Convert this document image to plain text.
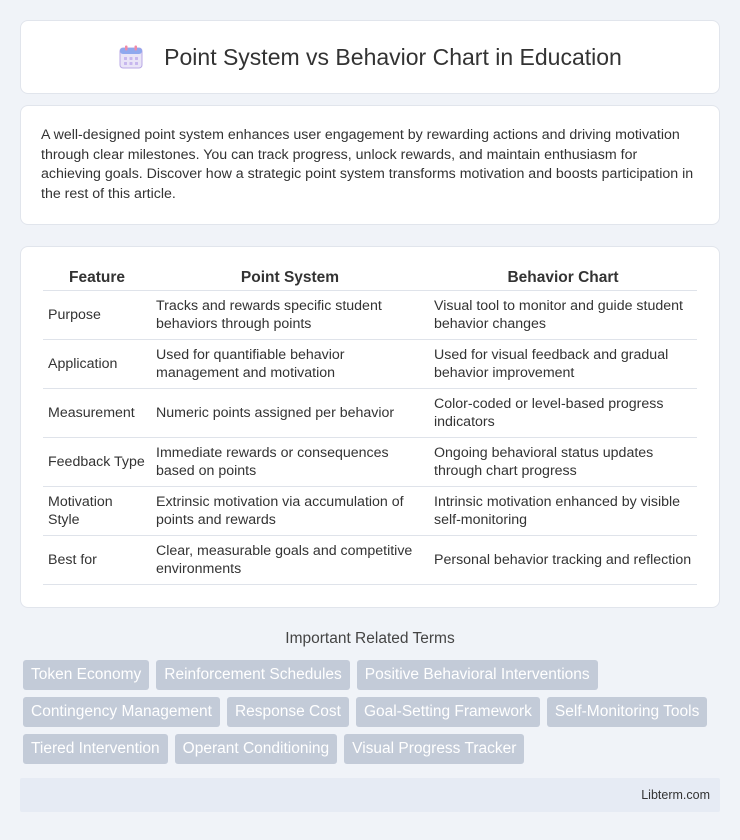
Point System vs Behavior Chart in Education

A well-designed point system enhances user engagement by rewarding actions and driving motivation through clear milestones. You can track progress, unlock rewards, and maintain enthusiasm for achieving goals. Discover how a strategic point system transforms motivation and boosts participation in the rest of this article.

Feature	Point System	Behavior Chart
Purpose	Tracks and rewards specific student behaviors through points	Visual tool to monitor and guide student behavior changes
Application	Used for quantifiable behavior management and motivation	Used for visual feedback and gradual behavior improvement
Measurement	Numeric points assigned per behavior	Color-coded or level-based progress indicators
Feedback Type	Immediate rewards or consequences based on points	Ongoing behavioral status updates through chart progress
Motivation Style	Extrinsic motivation via accumulation of points and rewards	Intrinsic motivation enhanced by visible self-monitoring
Best for	Clear, measurable goals and competitive environments	Personal behavior tracking and reflection
Important Related Terms
Token Economy	Reinforcement Schedules	Positive Behavioral Interventions
Contingency Management	Response Cost	Goal-Setting Framework	Self-Monitoring Tools
Tiered Intervention	Operant Conditioning	Visual Progress Tracker
Libterm.com
